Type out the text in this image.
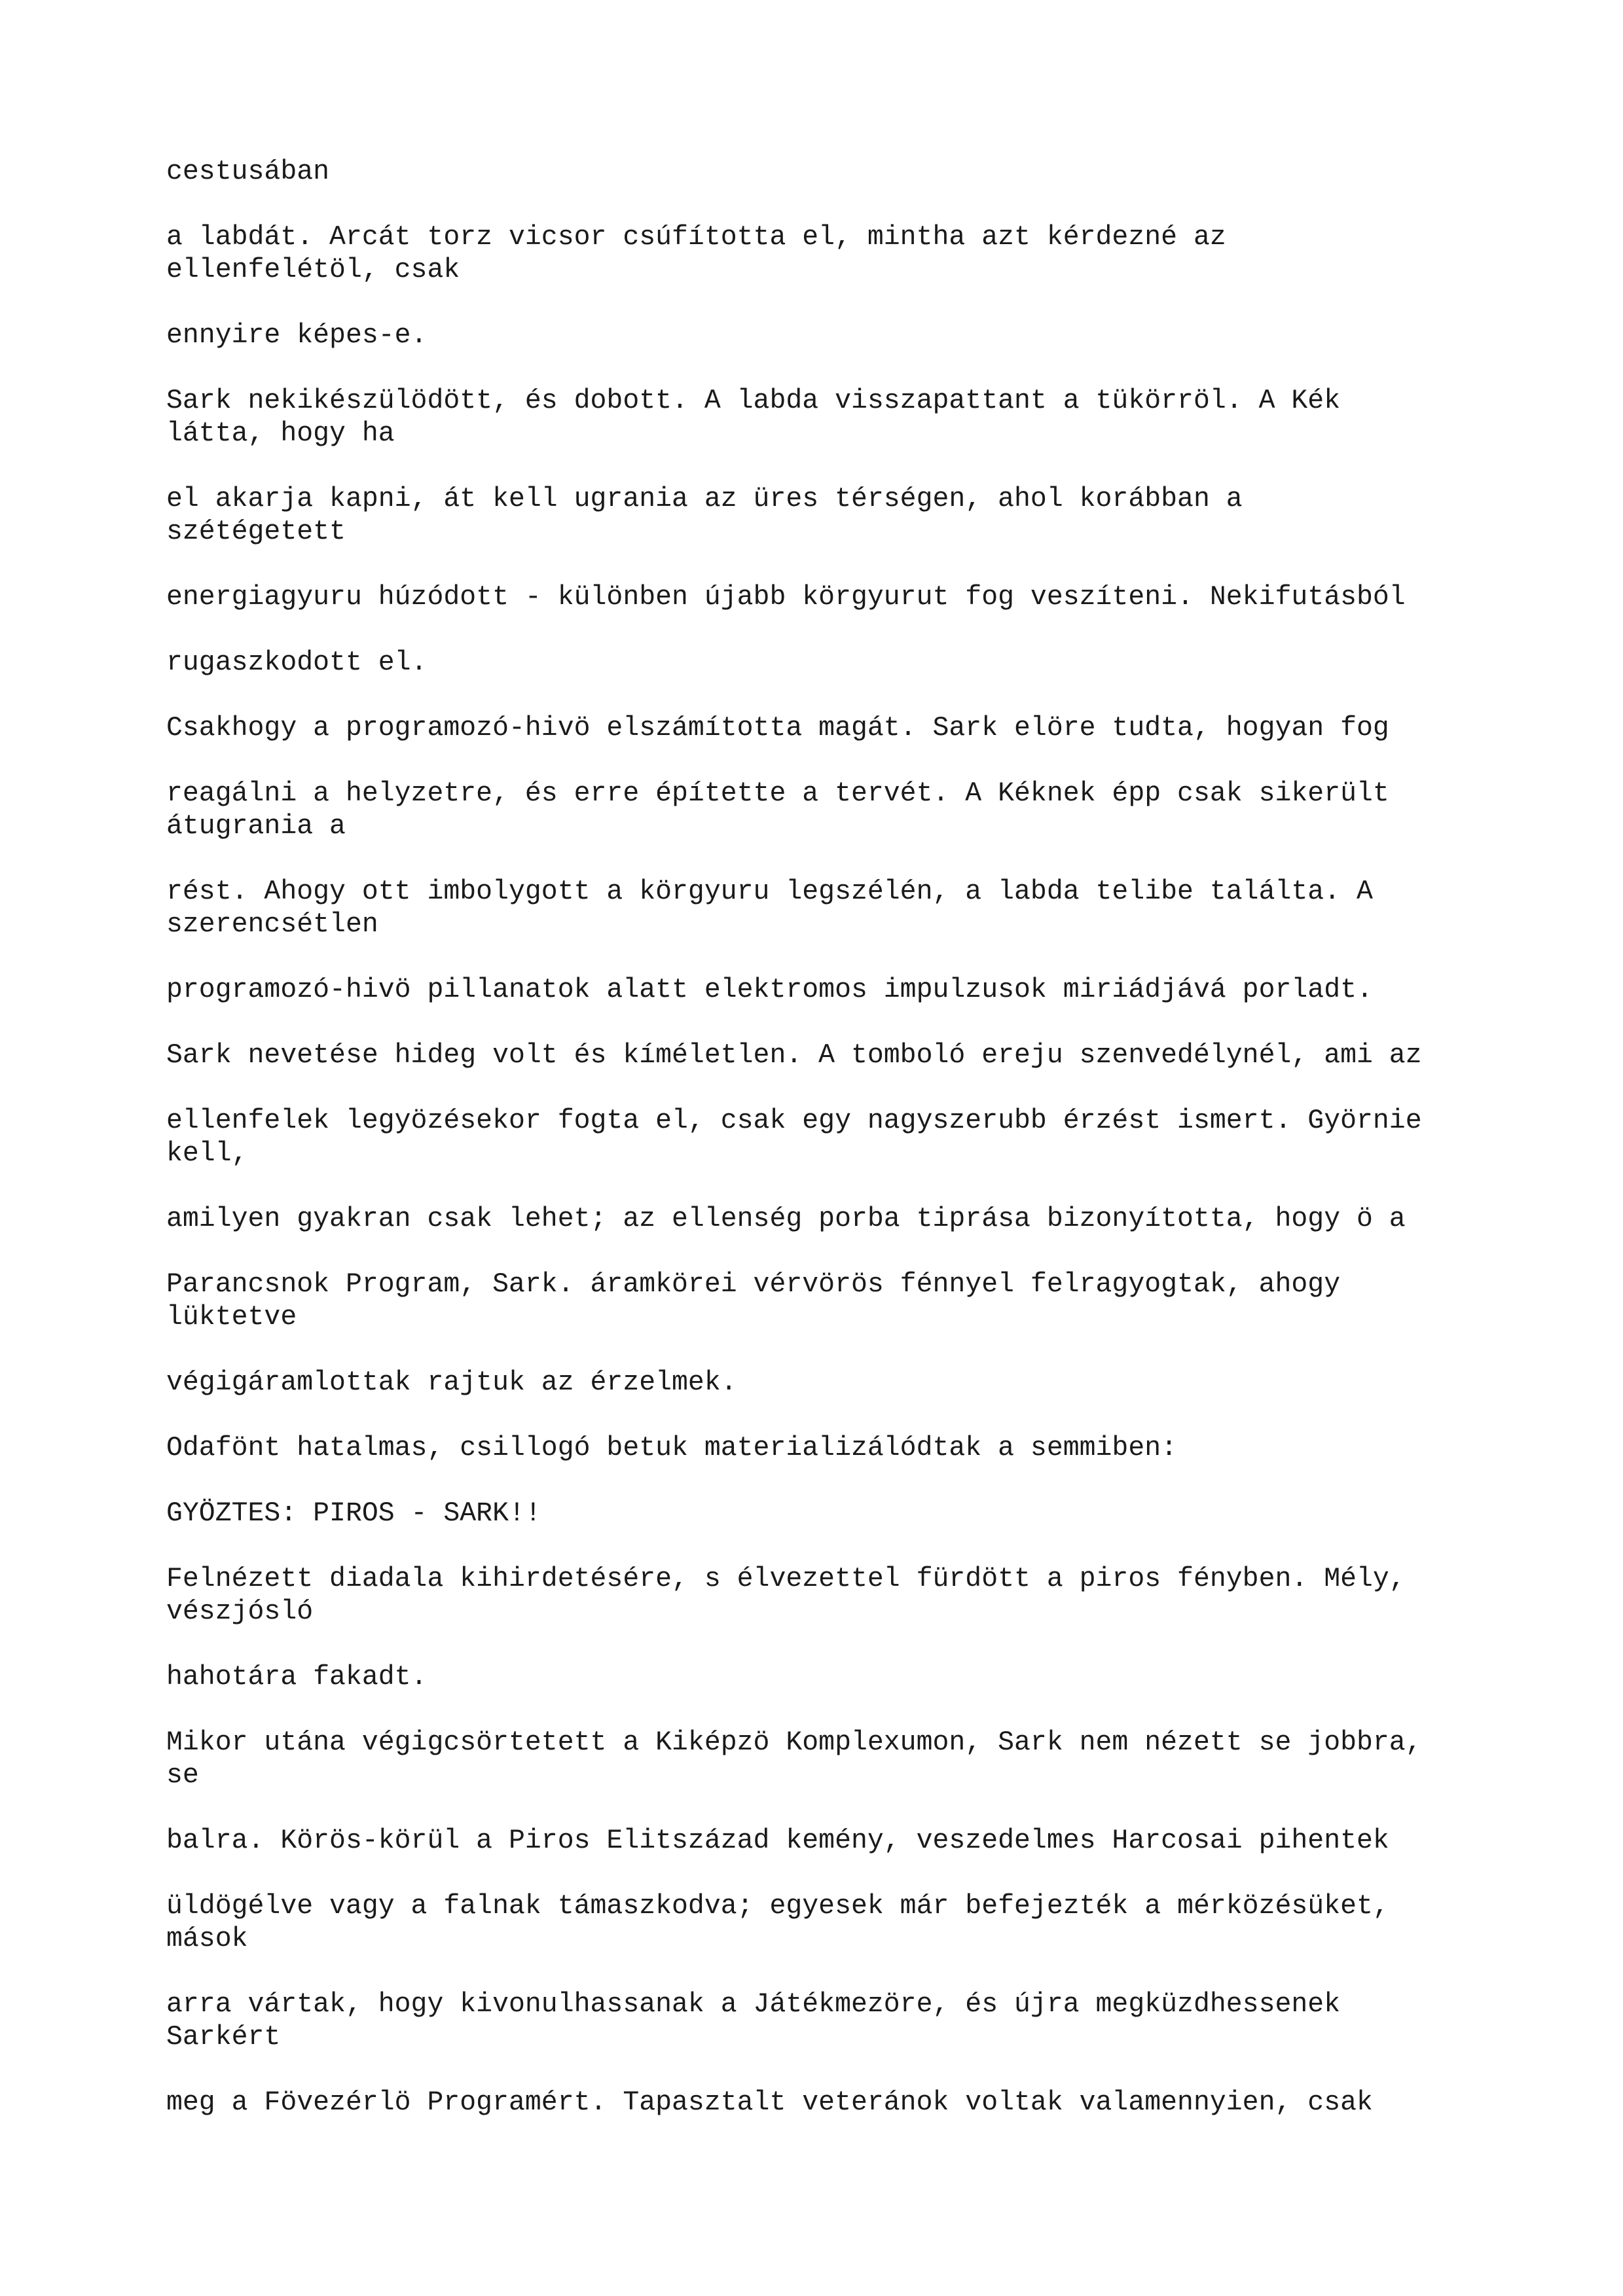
cestusában

a labdát. Arcát torz vicsor csúfította el, mintha azt kérdezné az
ellenfelétöl, csak

ennyire képes-e.

Sark nekikészülödött, és dobott. A labda visszapattant a tükörröl. A Kék
látta, hogy ha

el akarja kapni, át kell ugrania az üres térségen, ahol korábban a
szétégetett

energiagyuru húzódott - különben újabb körgyurut fog veszíteni. Nekifutásból

rugaszkodott el.

Csakhogy a programozó-hivö elszámította magát. Sark elöre tudta, hogyan fog

reagálni a helyzetre, és erre építette a tervét. A Kéknek épp csak sikerült
átugrania a

rést. Ahogy ott imbolygott a körgyuru legszélén, a labda telibe találta. A
szerencsétlen

programozó-hivö pillanatok alatt elektromos impulzusok miriádjává porladt.

Sark nevetése hideg volt és kíméletlen. A tomboló ereju szenvedélynél, ami az

ellenfelek legyözésekor fogta el, csak egy nagyszerubb érzést ismert. Györnie
kell,

amilyen gyakran csak lehet; az ellenség porba tiprása bizonyította, hogy ö a

Parancsnok Program, Sark. áramkörei vérvörös fénnyel felragyogtak, ahogy
lüktetve

végigáramlottak rajtuk az érzelmek.

Odafönt hatalmas, csillogó betuk materializálódtak a semmiben:

GYÖZTES: PIROS - SARK!!

Felnézett diadala kihirdetésére, s élvezettel fürdött a piros fényben. Mély,
vészjósló

hahotára fakadt.

Mikor utána végigcsörtetett a Kiképzö Komplexumon, Sark nem nézett se jobbra,
se

balra. Körös-körül a Piros Elitszázad kemény, veszedelmes Harcosai pihentek

üldögélve vagy a falnak támaszkodva; egyesek már befejezték a mérközésüket,
mások

arra vártak, hogy kivonulhassanak a Játékmezöre, és újra megküzdhessenek
Sarkért

meg a Fövezérlö Programért. Tapasztalt veteránok voltak valamennyien, csak
